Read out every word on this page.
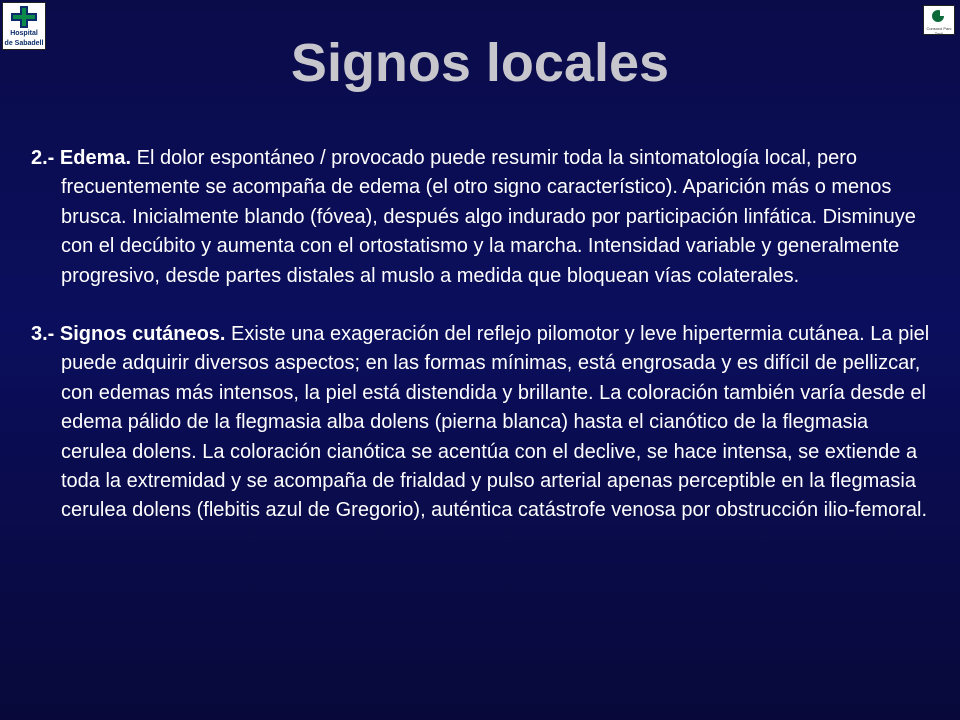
Hospital
de Sabadell
Consorci Parc Taulí
Signos locales

2.- Edema. El dolor espontáneo / provocado puede resumir toda la sintomatología local, pero frecuentemente se acompaña de edema (el otro signo característico). Aparición más o menos brusca. Inicialmente blando (fóvea), después algo indurado por participación linfática. Disminuye con el decúbito y aumenta con el ortostatismo y la marcha. Intensidad variable y generalmente progresivo, desde partes distales al muslo a medida que bloquean vías colaterales.

3.- Signos cutáneos. Existe una exageración del reflejo pilomotor y leve hipertermia cutánea. La piel puede adquirir diversos aspectos; en las formas mínimas, está engrosada y es difícil de pellizcar, con edemas más intensos, la piel está distendida y brillante. La coloración también varía desde el edema pálido de la flegmasia alba dolens (pierna blanca) hasta el cianótico de la flegmasia cerulea dolens. La coloración cianótica se acentúa con el declive, se hace intensa, se extiende a toda la extremidad y se acompaña de frialdad y pulso arterial apenas perceptible en la flegmasia cerulea dolens (flebitis azul de Gregorio), auténtica catástrofe venosa por obstrucción ilio-femoral.
